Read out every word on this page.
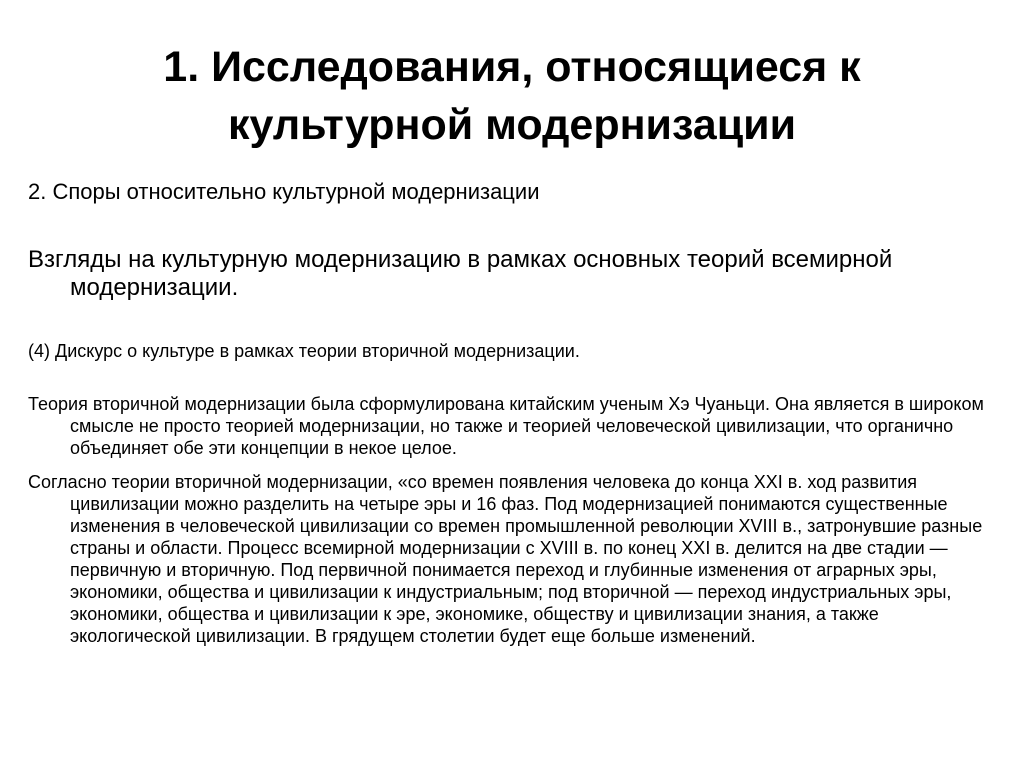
1. Исследования, относящиеся к
культурной модернизации

2. Споры относительно культурной модернизации

Взгляды на культурную модернизацию в рамках основных теорий всемирной модернизации.

(4) Дискурс о культуре в рамках теории вторичной модернизации.

Теория вторичной модернизации была сформулирована китайским ученым Хэ Чуаньци. Она является в широком смысле не просто теорией модернизации, но также и теорией человеческой цивилизации, что органично объединяет обе эти концепции в некое целое.

Согласно теории вторичной модернизации, «со времен появления человека до конца XXI в. ход развития цивилизации можно разделить на четыре эры и 16 фаз. Под модернизацией понимаются существенные изменения в человеческой цивилизации со времен промышленной революции XVIII в., затронувшие разные страны и области. Процесс всемирной модернизации с XVIII в. по конец XXI в. делится на две стадии — первичную и вторичную. Под первичной понимается переход и глубинные изменения от аграрных эры, экономики, общества и цивилизации к индустриальным; под вторичной — переход индустриальных эры, экономики, общества и цивилизации к эре, экономике, обществу и цивилизации знания, а также экологической цивилизации. В грядущем столетии будет еще больше изменений.
